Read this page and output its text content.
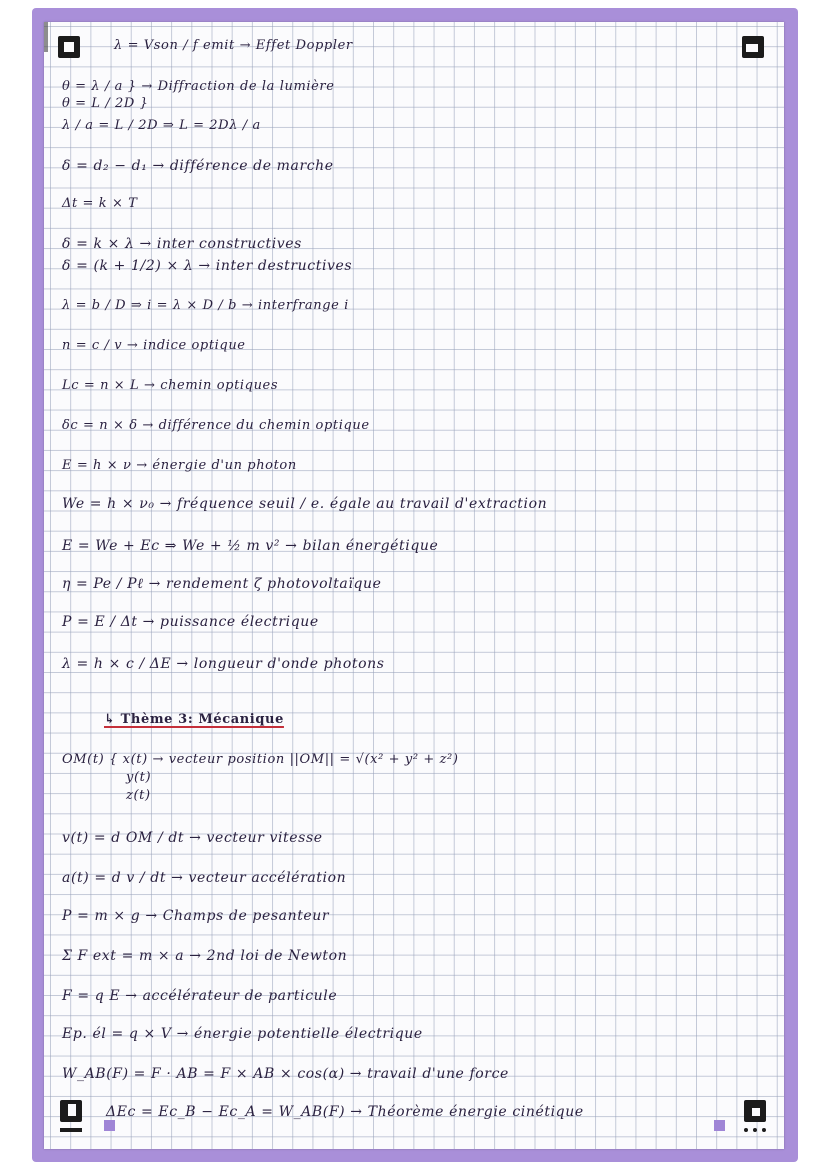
λ = Vson / f emit → Effet Doppler
θ = λ / a } → Diffraction de la lumière
θ = L / 2D }
λ / a = L / 2D ⇒ L = 2Dλ / a
δ = d₂ − d₁ → différence de marche
Δt = k × T
δ = k × λ → inter constructives
δ = (k + 1/2) × λ → inter destructives
λ = b / D ⇒ i = λ × D / b → interfrange i
n = c / v → indice optique
Lc = n × L → chemin optiques
δc = n × δ → différence du chemin optique
E = h × ν → énergie d'un photon
We = h × ν₀ → fréquence seuil / e. égale au travail d'extraction
E = We + Ec ⇒ We + ½ m v² → bilan énergétique
η = Pe / Pℓ → rendement ζ photovoltaïque
P = E / Δt → puissance électrique
λ = h × c / ΔE → longueur d'onde photons
↳ Thème 3: Mécanique
OM(t) { x(t) → vecteur position ||OM|| = √(x² + y² + z²)
y(t)
z(t)
v(t) = d OM / dt → vecteur vitesse
a(t) = d v / dt → vecteur accélération
P = m × g → Champs de pesanteur
Σ F ext = m × a → 2nd loi de Newton
F = q E → accélérateur de particule
Ep. él = q × V → énergie potentielle électrique
W_AB(F) = F · AB = F × AB × cos(α) → travail d'une force
ΔEc = Ec_B − Ec_A = W_AB(F) → Théorème énergie cinétique
